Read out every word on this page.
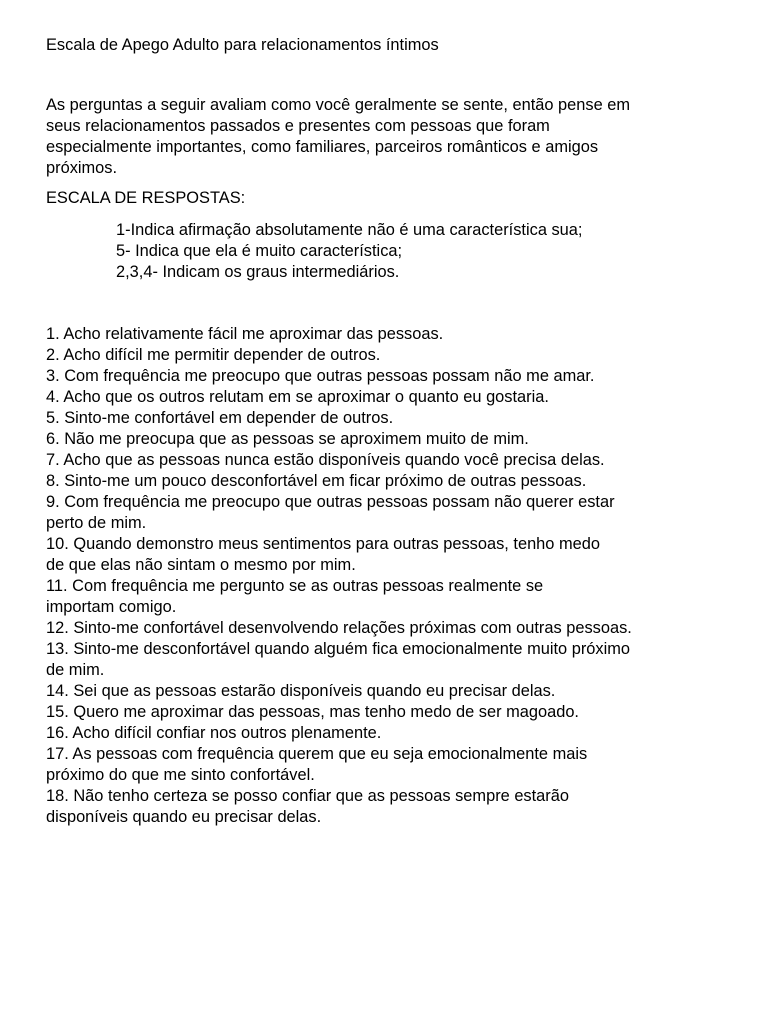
Escala de Apego Adulto para relacionamentos íntimos

As perguntas a seguir avaliam como você geralmente se sente, então pense em
seus relacionamentos passados e presentes com pessoas que foram
especialmente importantes, como familiares, parceiros românticos e amigos
próximos.

ESCALA DE RESPOSTAS:

1-Indica afirmação absolutamente não é uma característica sua;
5- Indica que ela é muito característica;
2,3,4- Indicam os graus intermediários.
1. Acho relativamente fácil me aproximar das pessoas.
2. Acho difícil me permitir depender de outros.
3. Com frequência me preocupo que outras pessoas possam não me amar.
4. Acho que os outros relutam em se aproximar o quanto eu gostaria.
5. Sinto-me confortável em depender de outros.
6. Não me preocupa que as pessoas se aproximem muito de mim.
7. Acho que as pessoas nunca estão disponíveis quando você precisa delas.
8. Sinto-me um pouco desconfortável em ficar próximo de outras pessoas.
9. Com frequência me preocupo que outras pessoas possam não querer estar
perto de mim.
10. Quando demonstro meus sentimentos para outras pessoas, tenho medo
de que elas não sintam o mesmo por mim.
11. Com frequência me pergunto se as outras pessoas realmente se
importam comigo.
12. Sinto-me confortável desenvolvendo relações próximas com outras pessoas.
13. Sinto-me desconfortável quando alguém fica emocionalmente muito próximo
de mim.
14. Sei que as pessoas estarão disponíveis quando eu precisar delas.
15. Quero me aproximar das pessoas, mas tenho medo de ser magoado.
16. Acho difícil confiar nos outros plenamente.
17. As pessoas com frequência querem que eu seja emocionalmente mais
próximo do que me sinto confortável.
18. Não tenho certeza se posso confiar que as pessoas sempre estarão
disponíveis quando eu precisar delas.
